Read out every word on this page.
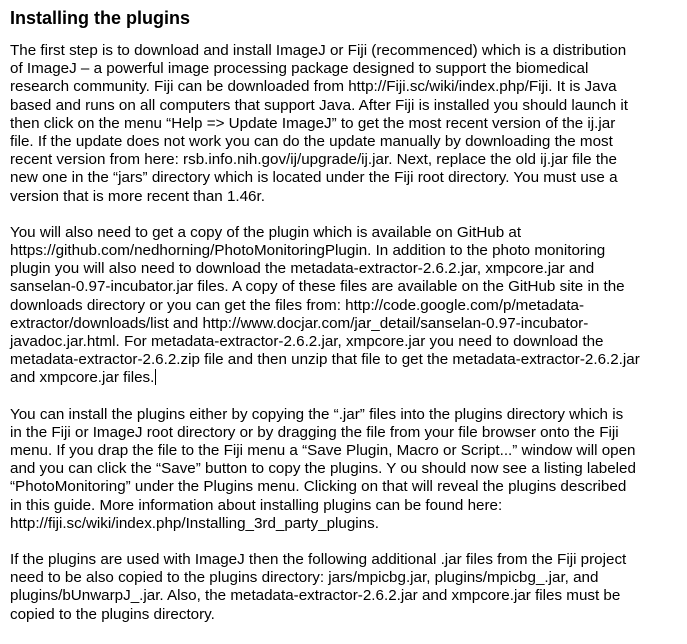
Installing the plugins
The first step is to download and install ImageJ or Fiji (recommenced) which is a distribution
of ImageJ – a powerful image processing package designed to support the biomedical
research community. Fiji can be downloaded from http://Fiji.sc/wiki/index.php/Fiji. It is Java
based and runs on all computers that support Java. After Fiji is installed you should launch it
then click on the menu “Help => Update ImageJ” to get the most recent version of the ij.jar
file. If the update does not work you can do the update manually by downloading the most
recent version from here: rsb.info.nih.gov/ij/upgrade/ij.jar. Next, replace the old ij.jar file the
new one in the “jars” directory which is located under the Fiji root directory. You must use a
version that is more recent than 1.46r.
You will also need to get a copy of the plugin which is available on GitHub at
https://github.com/nedhorning/PhotoMonitoringPlugin. In addition to the photo monitoring
plugin you will also need to download the metadata-extractor-2.6.2.jar, xmpcore.jar and
sanselan-0.97-incubator.jar files. A copy of these files are available on the GitHub site in the
downloads directory or you can get the files from: http://code.google.com/p/metadata-
extractor/downloads/list and http://www.docjar.com/jar_detail/sanselan-0.97-incubator-
javadoc.jar.html. For metadata-extractor-2.6.2.jar, xmpcore.jar you need to download the
metadata-extractor-2.6.2.zip file and then unzip that file to get the metadata-extractor-2.6.2.jar
and xmpcore.jar files.
You can install the plugins either by copying the “.jar” files into the plugins directory which is
in the Fiji or ImageJ root directory or by dragging the file from your file browser onto the Fiji
menu. If you drap the file to the Fiji menu a “Save Plugin, Macro or Script...” window will open
and you can click the “Save” button to copy the plugins. Y ou should now see a listing labeled
“PhotoMonitoring” under the Plugins menu. Clicking on that will reveal the plugins described
in this guide. More information about installing plugins can be found here:
http://fiji.sc/wiki/index.php/Installing_3rd_party_plugins.
If the plugins are used with ImageJ then the following additional .jar files from the Fiji project
need to be also copied to the plugins directory: jars/mpicbg.jar, plugins/mpicbg_.jar, and
plugins/bUnwarpJ_.jar. Also, the metadata-extractor-2.6.2.jar and xmpcore.jar files must be
copied to the plugins directory.
